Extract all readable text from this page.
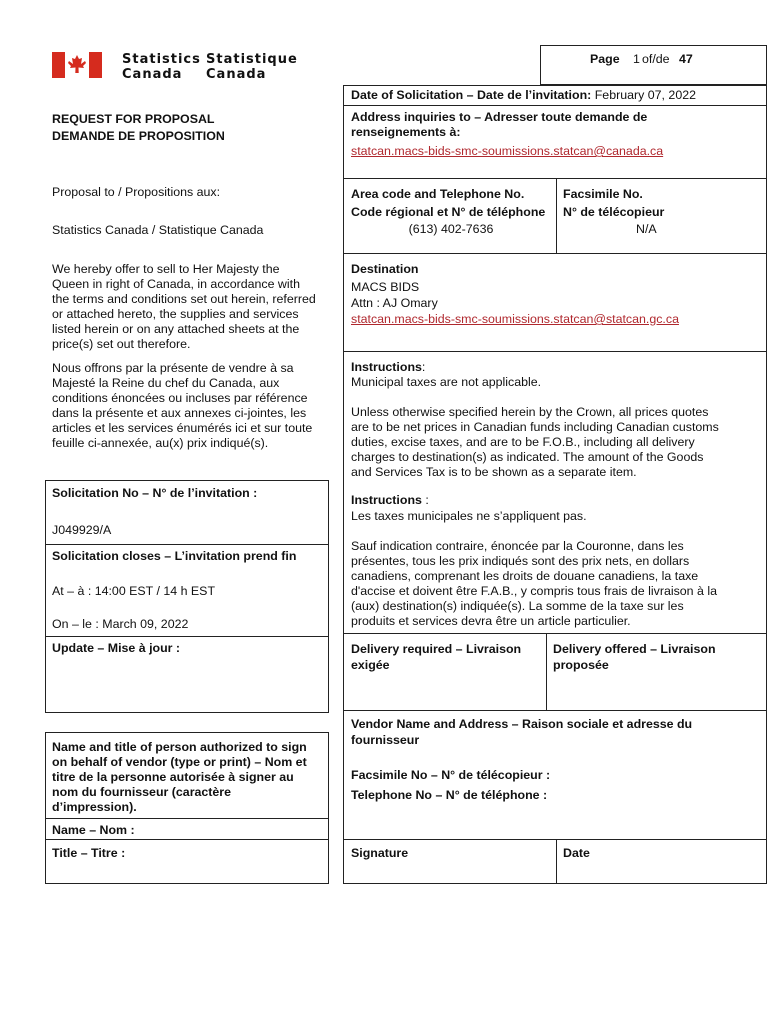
Statistics
Canada
Statistique
Canada
Page 1 of/de 47
Date of Solicitation – Date de l’invitation: February 07, 2022
REQUEST FOR PROPOSAL
DEMANDE DE PROPOSITION
Address inquiries to – Adresser toute demande de
renseignements à:
statcan.macs-bids-smc-soumissions.statcan@canada.ca
Proposal to / Propositions aux:
Statistics Canada / Statistique Canada
Area code and Telephone No.
Code régional et N° de téléphone
(613) 402-7636
Facsimile No.
N° de télécopieur
N/A
We hereby offer to sell to Her Majesty the
Queen in right of Canada, in accordance with
the terms and conditions set out herein, referred
or attached hereto, the supplies and services
listed herein or on any attached sheets at the
price(s) set out therefore.
Nous offrons par la présente de vendre à sa
Majesté la Reine du chef du Canada, aux
conditions énoncées ou incluses par référence
dans la présente et aux annexes ci-jointes, les
articles et les services énumérés ici et sur toute
feuille ci-annexée, au(x) prix indiqué(s).
Destination
MACS BIDS
Attn : AJ Omary
statcan.macs-bids-smc-soumissions.statcan@statcan.gc.ca
Instructions:
Municipal taxes are not applicable.
Unless otherwise specified herein by the Crown, all prices quotes
are to be net prices in Canadian funds including Canadian customs
duties, excise taxes, and are to be F.O.B., including all delivery
charges to destination(s) as indicated. The amount of the Goods
and Services Tax is to be shown as a separate item.
Instructions :
Les taxes municipales ne s’appliquent pas.
Sauf indication contraire, énoncée par la Couronne, dans les
présentes, tous les prix indiqués sont des prix nets, en dollars
canadiens, comprenant les droits de douane canadiens, la taxe
d'accise et doivent être F.A.B., y compris tous frais de livraison à la
(aux) destination(s) indiquée(s). La somme de la taxe sur les
produits et services devra être un article particulier.
Solicitation No – N° de l’invitation :
J049929/A
Solicitation closes – L’invitation prend fin
At – à : 14:00 EST / 14 h EST
On – le : March 09, 2022
Update – Mise à jour :	Delivery required – Livraison
exigée
Delivery offered – Livraison
proposée
Name and title of person authorized to sign
on behalf of vendor (type or print) – Nom et
titre de la personne autorisée à signer au
nom du fournisseur (caractère
d’impression).
Name – Nom :
Title – Titre :
Vendor Name and Address – Raison sociale et adresse du
fournisseur
Facsimile No – N° de télécopieur :
Telephone No – N° de téléphone :
Signature	Date
